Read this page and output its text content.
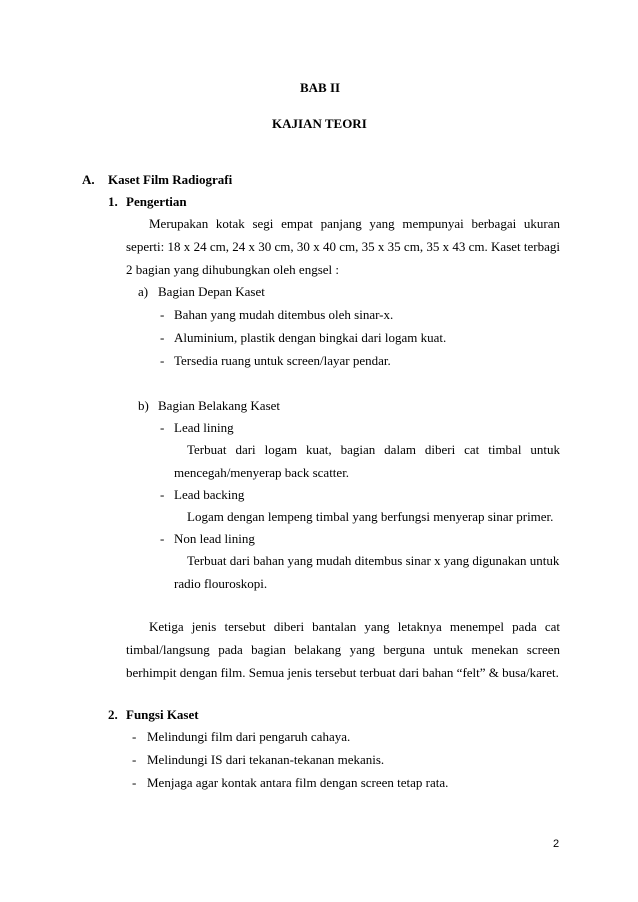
BAB II
KAJIAN TEORI
A. Kaset Film Radiografi
1. Pengertian
Merupakan kotak segi empat panjang yang mempunyai berbagai ukuran
seperti: 18 x 24 cm, 24 x 30 cm, 30 x 40 cm, 35 x 35 cm, 35 x 43 cm. Kaset terbagi
2 bagian yang dihubungkan oleh engsel :
a) Bagian Depan Kaset
- Bahan yang mudah ditembus oleh sinar-x.
- Aluminium, plastik dengan bingkai dari logam kuat.
- Tersedia ruang untuk screen/layar pendar.
b) Bagian Belakang Kaset
- Lead lining
Terbuat dari logam kuat, bagian dalam diberi cat timbal untuk
mencegah/menyerap back scatter.
- Lead backing
Logam dengan lempeng timbal yang berfungsi menyerap sinar primer.
- Non lead lining
Terbuat dari bahan yang mudah ditembus sinar x yang digunakan untuk
radio flouroskopi.
Ketiga jenis tersebut diberi bantalan yang letaknya menempel pada cat
timbal/langsung pada bagian belakang yang berguna untuk menekan screen
berhimpit dengan film. Semua jenis tersebut terbuat dari bahan “felt” & busa/karet.
2. Fungsi Kaset
- Melindungi film dari pengaruh cahaya.
- Melindungi IS dari tekanan-tekanan mekanis.
- Menjaga agar kontak antara film dengan screen tetap rata.
2
